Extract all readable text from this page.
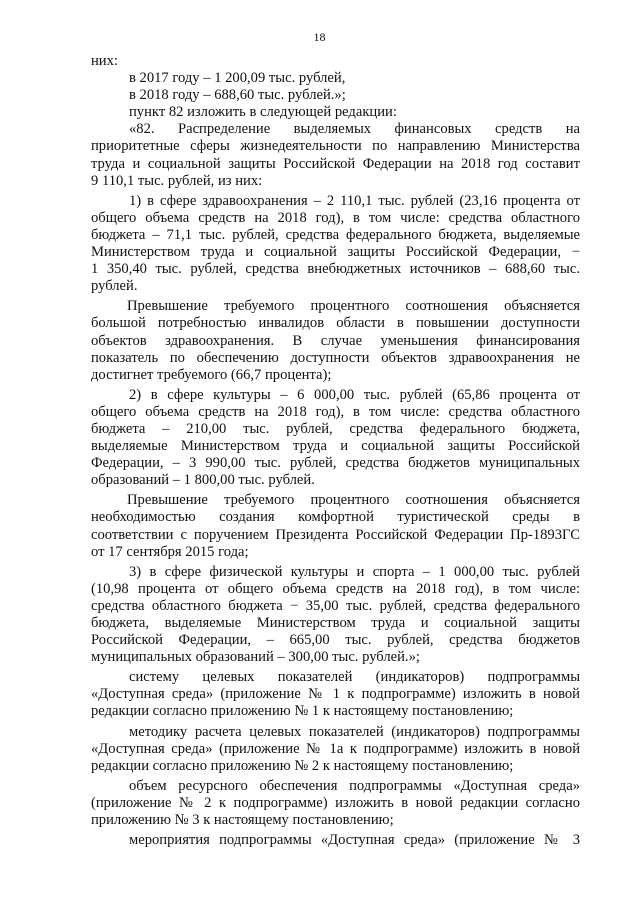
18
них:
в 2017 году – 1 200,09 тыс. рублей,
в 2018 году – 688,60 тыс. рублей.»;
пункт 82 изложить в следующей редакции:
«82. Распределение выделяемых финансовых средств на
приоритетные сферы жизнедеятельности по направлению Министерства
труда и социальной защиты Российской Федерации на 2018 год составит
9 110,1 тыс. рублей, из них:
1) в сфере здравоохранения – 2 110,1 тыс. рублей (23,16 процента от
общего объема средств на 2018 год), в том числе: средства областного
бюджета – 71,1 тыс. рублей, средства федерального бюджета, выделяемые
Министерством труда и социальной защиты Российской Федерации, −
1 350,40 тыс. рублей, средства внебюджетных источников – 688,60 тыс.
рублей.
Превышение требуемого процентного соотношения объясняется
большой потребностью инвалидов области в повышении доступности
объектов здравоохранения. В случае уменьшения финансирования
показатель по обеспечению доступности объектов здравоохранения не
достигнет требуемого (66,7 процента);
2) в сфере культуры – 6 000,00 тыс. рублей (65,86 процента от
общего объема средств на 2018 год), в том числе: средства областного
бюджета – 210,00 тыс. рублей, средства федерального бюджета,
выделяемые Министерством труда и социальной защиты Российской
Федерации, – 3 990,00 тыс. рублей, средства бюджетов муниципальных
образований – 1 800,00 тыс. рублей.
Превышение требуемого процентного соотношения объясняется
необходимостью создания комфортной туристической среды в
соответствии с поручением Президента Российской Федерации Пр-1893ГС
от 17 сентября 2015 года;
3) в сфере физической культуры и спорта – 1 000,00 тыс. рублей
(10,98 процента от общего объема средств на 2018 год), в том числе:
средства областного бюджета − 35,00 тыс. рублей, средства федерального
бюджета, выделяемые Министерством труда и социальной защиты
Российской Федерации, – 665,00 тыс. рублей, средства бюджетов
муниципальных образований – 300,00 тыс. рублей.»;
систему целевых показателей (индикаторов) подпрограммы
«Доступная среда» (приложение № 1 к подпрограмме) изложить в новой
редакции согласно приложению № 1 к настоящему постановлению;
методику расчета целевых показателей (индикаторов) подпрограммы
«Доступная среда» (приложение № 1а к подпрограмме) изложить в новой
редакции согласно приложению № 2 к настоящему постановлению;
объем ресурсного обеспечения подпрограммы «Доступная среда»
(приложение № 2 к подпрограмме) изложить в новой редакции согласно
приложению № 3 к настоящему постановлению;
мероприятия подпрограммы «Доступная среда» (приложение № 3
